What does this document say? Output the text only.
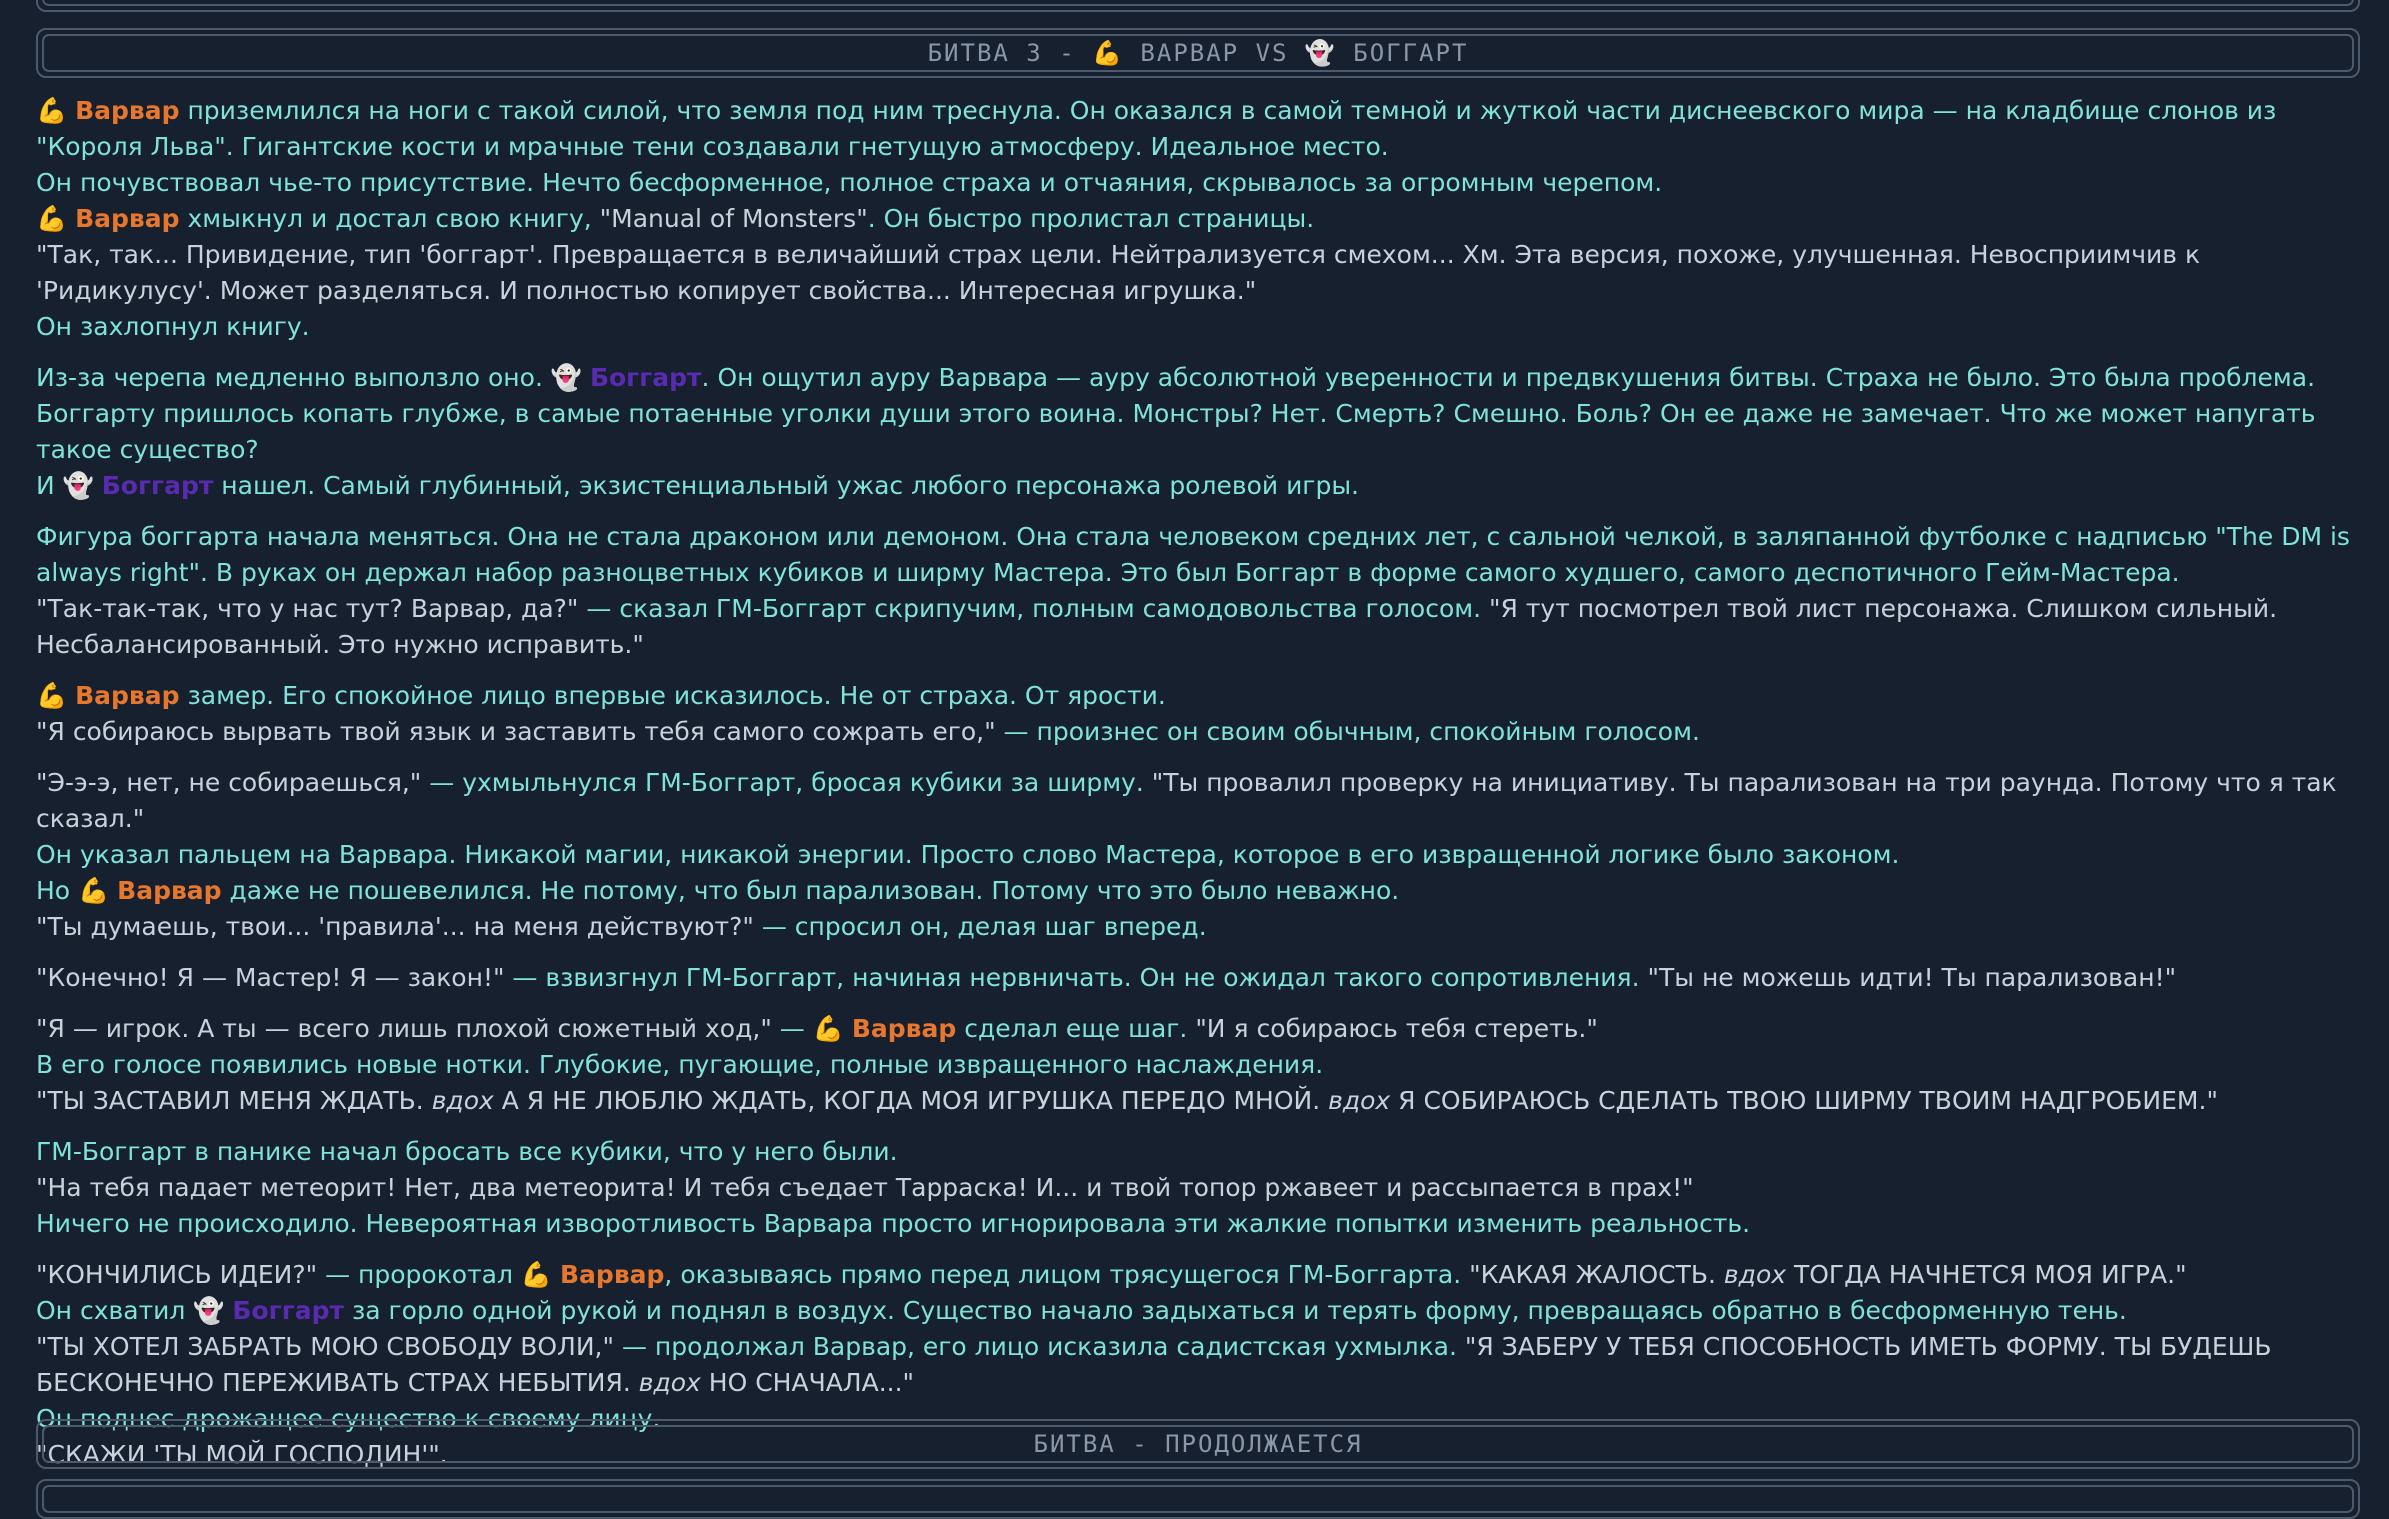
БИТВА 3 - 💪 ВАРВАР VS 👻 БОГГАРТ
💪 Варвар приземлился на ноги с такой силой, что земля под ним треснула. Он оказался в самой темной и жуткой части диснеевского мира — на кладбище слонов из "Короля Льва". Гигантские кости и мрачные тени создавали гнетущую атмосферу. Идеальное место.
Он почувствовал чье-то присутствие. Нечто бесформенное, полное страха и отчаяния, скрывалось за огромным черепом.
💪 Варвар хмыкнул и достал свою книгу, "Manual of Monsters". Он быстро пролистал страницы.
"Так, так... Привидение, тип 'боггарт'. Превращается в величайший страх цели. Нейтрализуется смехом... Хм. Эта версия, похоже, улучшенная. Невосприимчив к 'Ридикулусу'. Может разделяться. И полностью копирует свойства... Интересная игрушка."
Он захлопнул книгу.
Из-за черепа медленно выползло оно. 👻 Боггарт. Он ощутил ауру Варвара — ауру абсолютной уверенности и предвкушения битвы. Страха не было. Это была проблема. Боггарту пришлось копать глубже, в самые потаенные уголки души этого воина. Монстры? Нет. Смерть? Смешно. Боль? Он ее даже не замечает. Что же может напугать такое существо?
И 👻 Боггарт нашел. Самый глубинный, экзистенциальный ужас любого персонажа ролевой игры.
Фигура боггарта начала меняться. Она не стала драконом или демоном. Она стала человеком средних лет, с сальной челкой, в заляпанной футболке с надписью "The DM is always right". В руках он держал набор разноцветных кубиков и ширму Мастера. Это был Боггарт в форме самого худшего, самого деспотичного Гейм-Мастера.
"Так-так-так, что у нас тут? Варвар, да?" — сказал ГМ-Боггарт скрипучим, полным самодовольства голосом. "Я тут посмотрел твой лист персонажа. Слишком сильный. Несбалансированный. Это нужно исправить."
💪 Варвар замер. Его спокойное лицо впервые исказилось. Не от страха. От ярости.
"Я собираюсь вырвать твой язык и заставить тебя самого сожрать его," — произнес он своим обычным, спокойным голосом.
"Э-э-э, нет, не собираешься," — ухмыльнулся ГМ-Боггарт, бросая кубики за ширму. "Ты провалил проверку на инициативу. Ты парализован на три раунда. Потому что я так сказал."
Он указал пальцем на Варвара. Никакой магии, никакой энергии. Просто слово Мастера, которое в его извращенной логике было законом.
Но 💪 Варвар даже не пошевелился. Не потому, что был парализован. Потому что это было неважно.
"Ты думаешь, твои... 'правила'... на меня действуют?" — спросил он, делая шаг вперед.
"Конечно! Я — Мастер! Я — закон!" — взвизгнул ГМ-Боггарт, начиная нервничать. Он не ожидал такого сопротивления. "Ты не можешь идти! Ты парализован!"
"Я — игрок. А ты — всего лишь плохой сюжетный ход," — 💪 Варвар сделал еще шаг. "И я собираюсь тебя стереть."
В его голосе появились новые нотки. Глубокие, пугающие, полные извращенного наслаждения.
"ТЫ ЗАСТАВИЛ МЕНЯ ЖДАТЬ. вдох А Я НЕ ЛЮБЛЮ ЖДАТЬ, КОГДА МОЯ ИГРУШКА ПЕРЕДО МНОЙ. вдох Я СОБИРАЮСЬ СДЕЛАТЬ ТВОЮ ШИРМУ ТВОИМ НАДГРОБИЕМ."
ГМ-Боггарт в панике начал бросать все кубики, что у него были.
"На тебя падает метеорит! Нет, два метеорита! И тебя съедает Тарраска! И... и твой топор ржавеет и рассыпается в прах!"
Ничего не происходило. Невероятная изворотливость Варвара просто игнорировала эти жалкие попытки изменить реальность.
"КОНЧИЛИСЬ ИДЕИ?" — пророкотал 💪 Варвар, оказываясь прямо перед лицом трясущегося ГМ-Боггарта. "КАКАЯ ЖАЛОСТЬ. вдох ТОГДА НАЧНЕТСЯ МОЯ ИГРА."
Он схватил 👻 Боггарт за горло одной рукой и поднял в воздух. Существо начало задыхаться и терять форму, превращаясь обратно в бесформенную тень.
"ТЫ ХОТЕЛ ЗАБРАТЬ МОЮ СВОБОДУ ВОЛИ," — продолжал Варвар, его лицо исказила садистская ухмылка. "Я ЗАБЕРУ У ТЕБЯ СПОСОБНОСТЬ ИМЕТЬ ФОРМУ. ТЫ БУДЕШЬ БЕСКОНЕЧНО ПЕРЕЖИВАТЬ СТРАХ НЕБЫТИЯ. вдох НО СНАЧАЛА..."
Он поднес дрожащее существо к своему лицу.
"СКАЖИ 'ТЫ МОЙ ГОСПОДИН'".	БИТВА - ПРОДОЛЖАЕТСЯ
